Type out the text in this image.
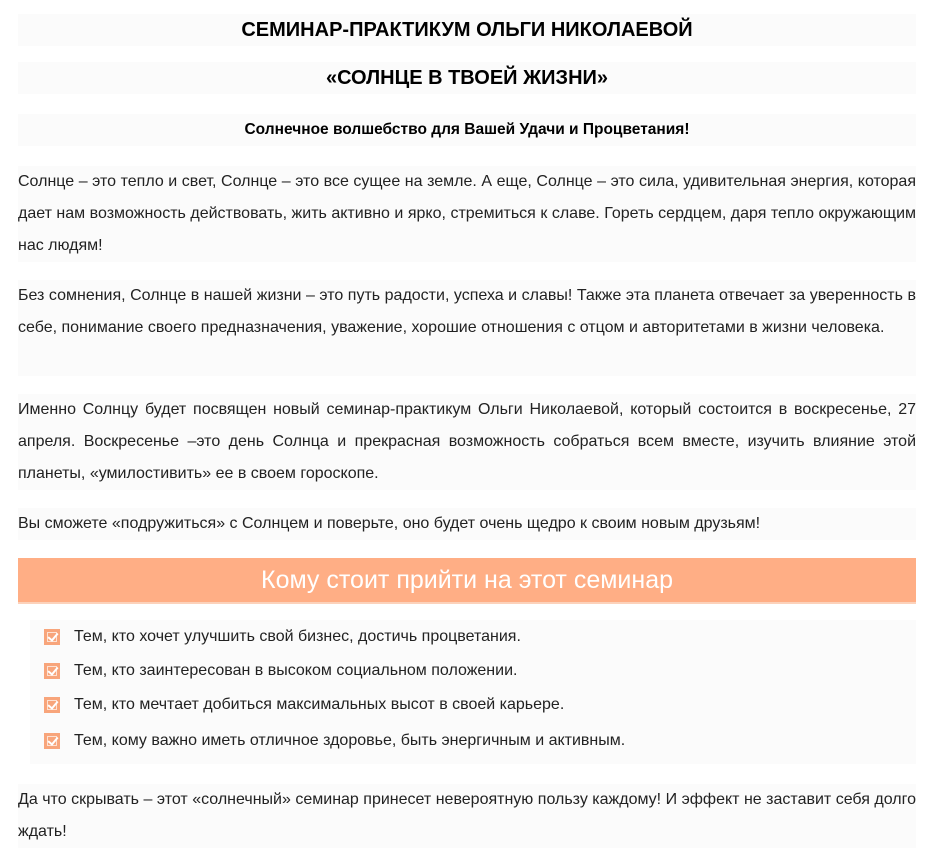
СЕМИНАР-ПРАКТИКУМ ОЛЬГИ НИКОЛАЕВОЙ
«СОЛНЦЕ В ТВОЕЙ ЖИЗНИ»
Солнечное волшебство для Вашей Удачи и Процветания!
Солнце – это тепло и свет, Солнце – это все сущее на земле. А еще, Солнце – это сила, удивительная энергия, которая дает нам возможность действовать, жить активно и ярко, стремиться к славе. Гореть сердцем, даря тепло окружающим нас людям!
Без сомнения, Солнце в нашей жизни – это путь радости, успеха и славы! Также эта планета отвечает за уверенность в себе, понимание своего предназначения, уважение, хорошие отношения с отцом и авторитетами в жизни человека.
Именно Солнцу будет посвящен новый семинар-практикум Ольги Николаевой, который состоится в воскресенье, 27 апреля. Воскресенье –это день Солнца и прекрасная возможность собраться всем вместе, изучить влияние этой планеты, «умилостивить» ее в своем гороскопе.
Вы сможете «подружиться» с Солнцем и поверьте, оно будет очень щедро к своим новым друзьям!
Кому стоит прийти на этот семинар
Тем, кто хочет улучшить свой бизнес, достичь процветания.
Тем, кто заинтересован в высоком социальном положении.
Тем, кто мечтает добиться максимальных высот в своей карьере.
Тем, кому важно иметь отличное здоровье, быть энергичным и активным.
Да что скрывать – этот «солнечный» семинар принесет невероятную пользу каждому! И эффект не заставит себя долго ждать!
